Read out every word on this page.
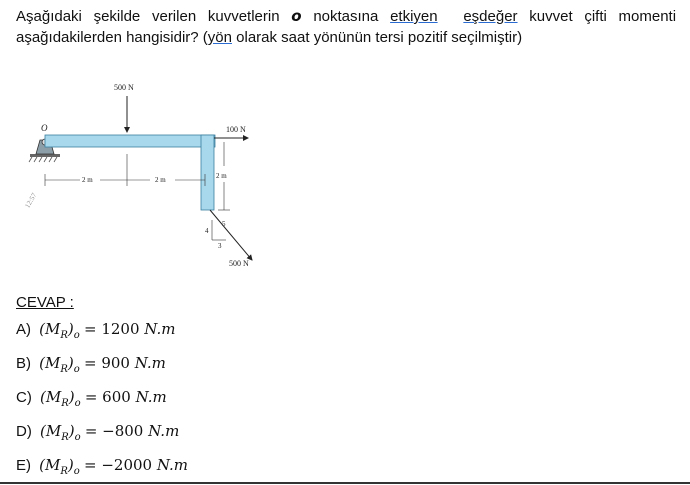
Aşağıdaki şekilde verilen kuvvetlerin o noktasına etkiyen eşdeğer kuvvet çifti momenti aşağıdakilerden hangisidir? (yön olarak saat yönünün tersi pozitif seçilmiştir)
12:57
O
500 N
100 N
2 m	2 m	2 m
500 N
5
4
3
CEVAP :
A) $(M_R)_o = 1200$ N.m
B) $(M_R)_o = 900$ N.m
C) $(M_R)_o = 600$ N.m
D) $(M_R)_o = -800$ N.m
E) $(M_R)_o = -2000$ N.m
